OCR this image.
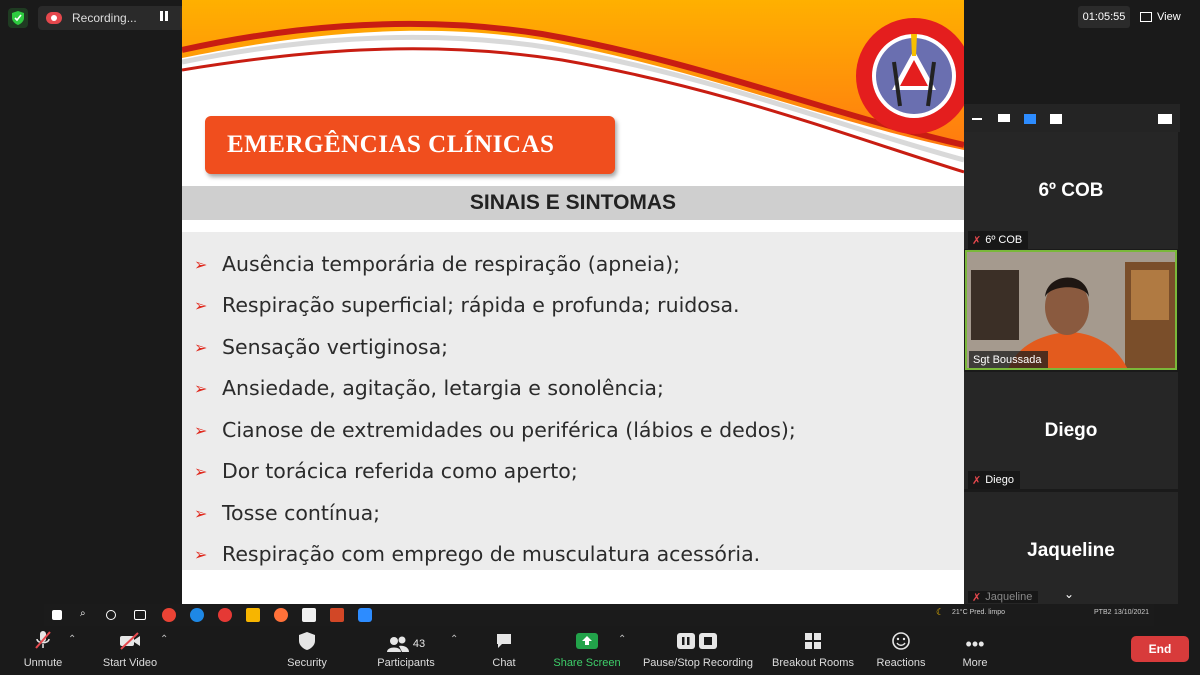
Recording...	01:05:55	View
EMERGÊNCIAS CLÍNICAS
SINAIS E SINTOMAS
➢ Ausência temporária de respiração (apneia);
➢ Respiração superficial; rápida e profunda; ruidosa.
➢ Sensação vertiginosa;
➢ Ansiedade, agitação, letargia e sonolência;
➢ Cianose de extremidades ou periférica (lábios e dedos);
➢ Dor torácica referida como aperto;
➢ Tosse contínua;
➢ Respiração com emprego de musculatura acessória.
6º COB
✗ 6º COB
Sgt Boussada
Diego
✗ Diego
Jaqueline
✗ Jaqueline	⌄
⌕	☾ 21°C Pred. limpo	PTB2 13/10/2021
Unmute
⌃
Start Video
⌃
Security
43
Participants
⌃
Chat	Share Screen
⌃
Pause/Stop Recording Breakout Rooms Reactions
•••
More
End
